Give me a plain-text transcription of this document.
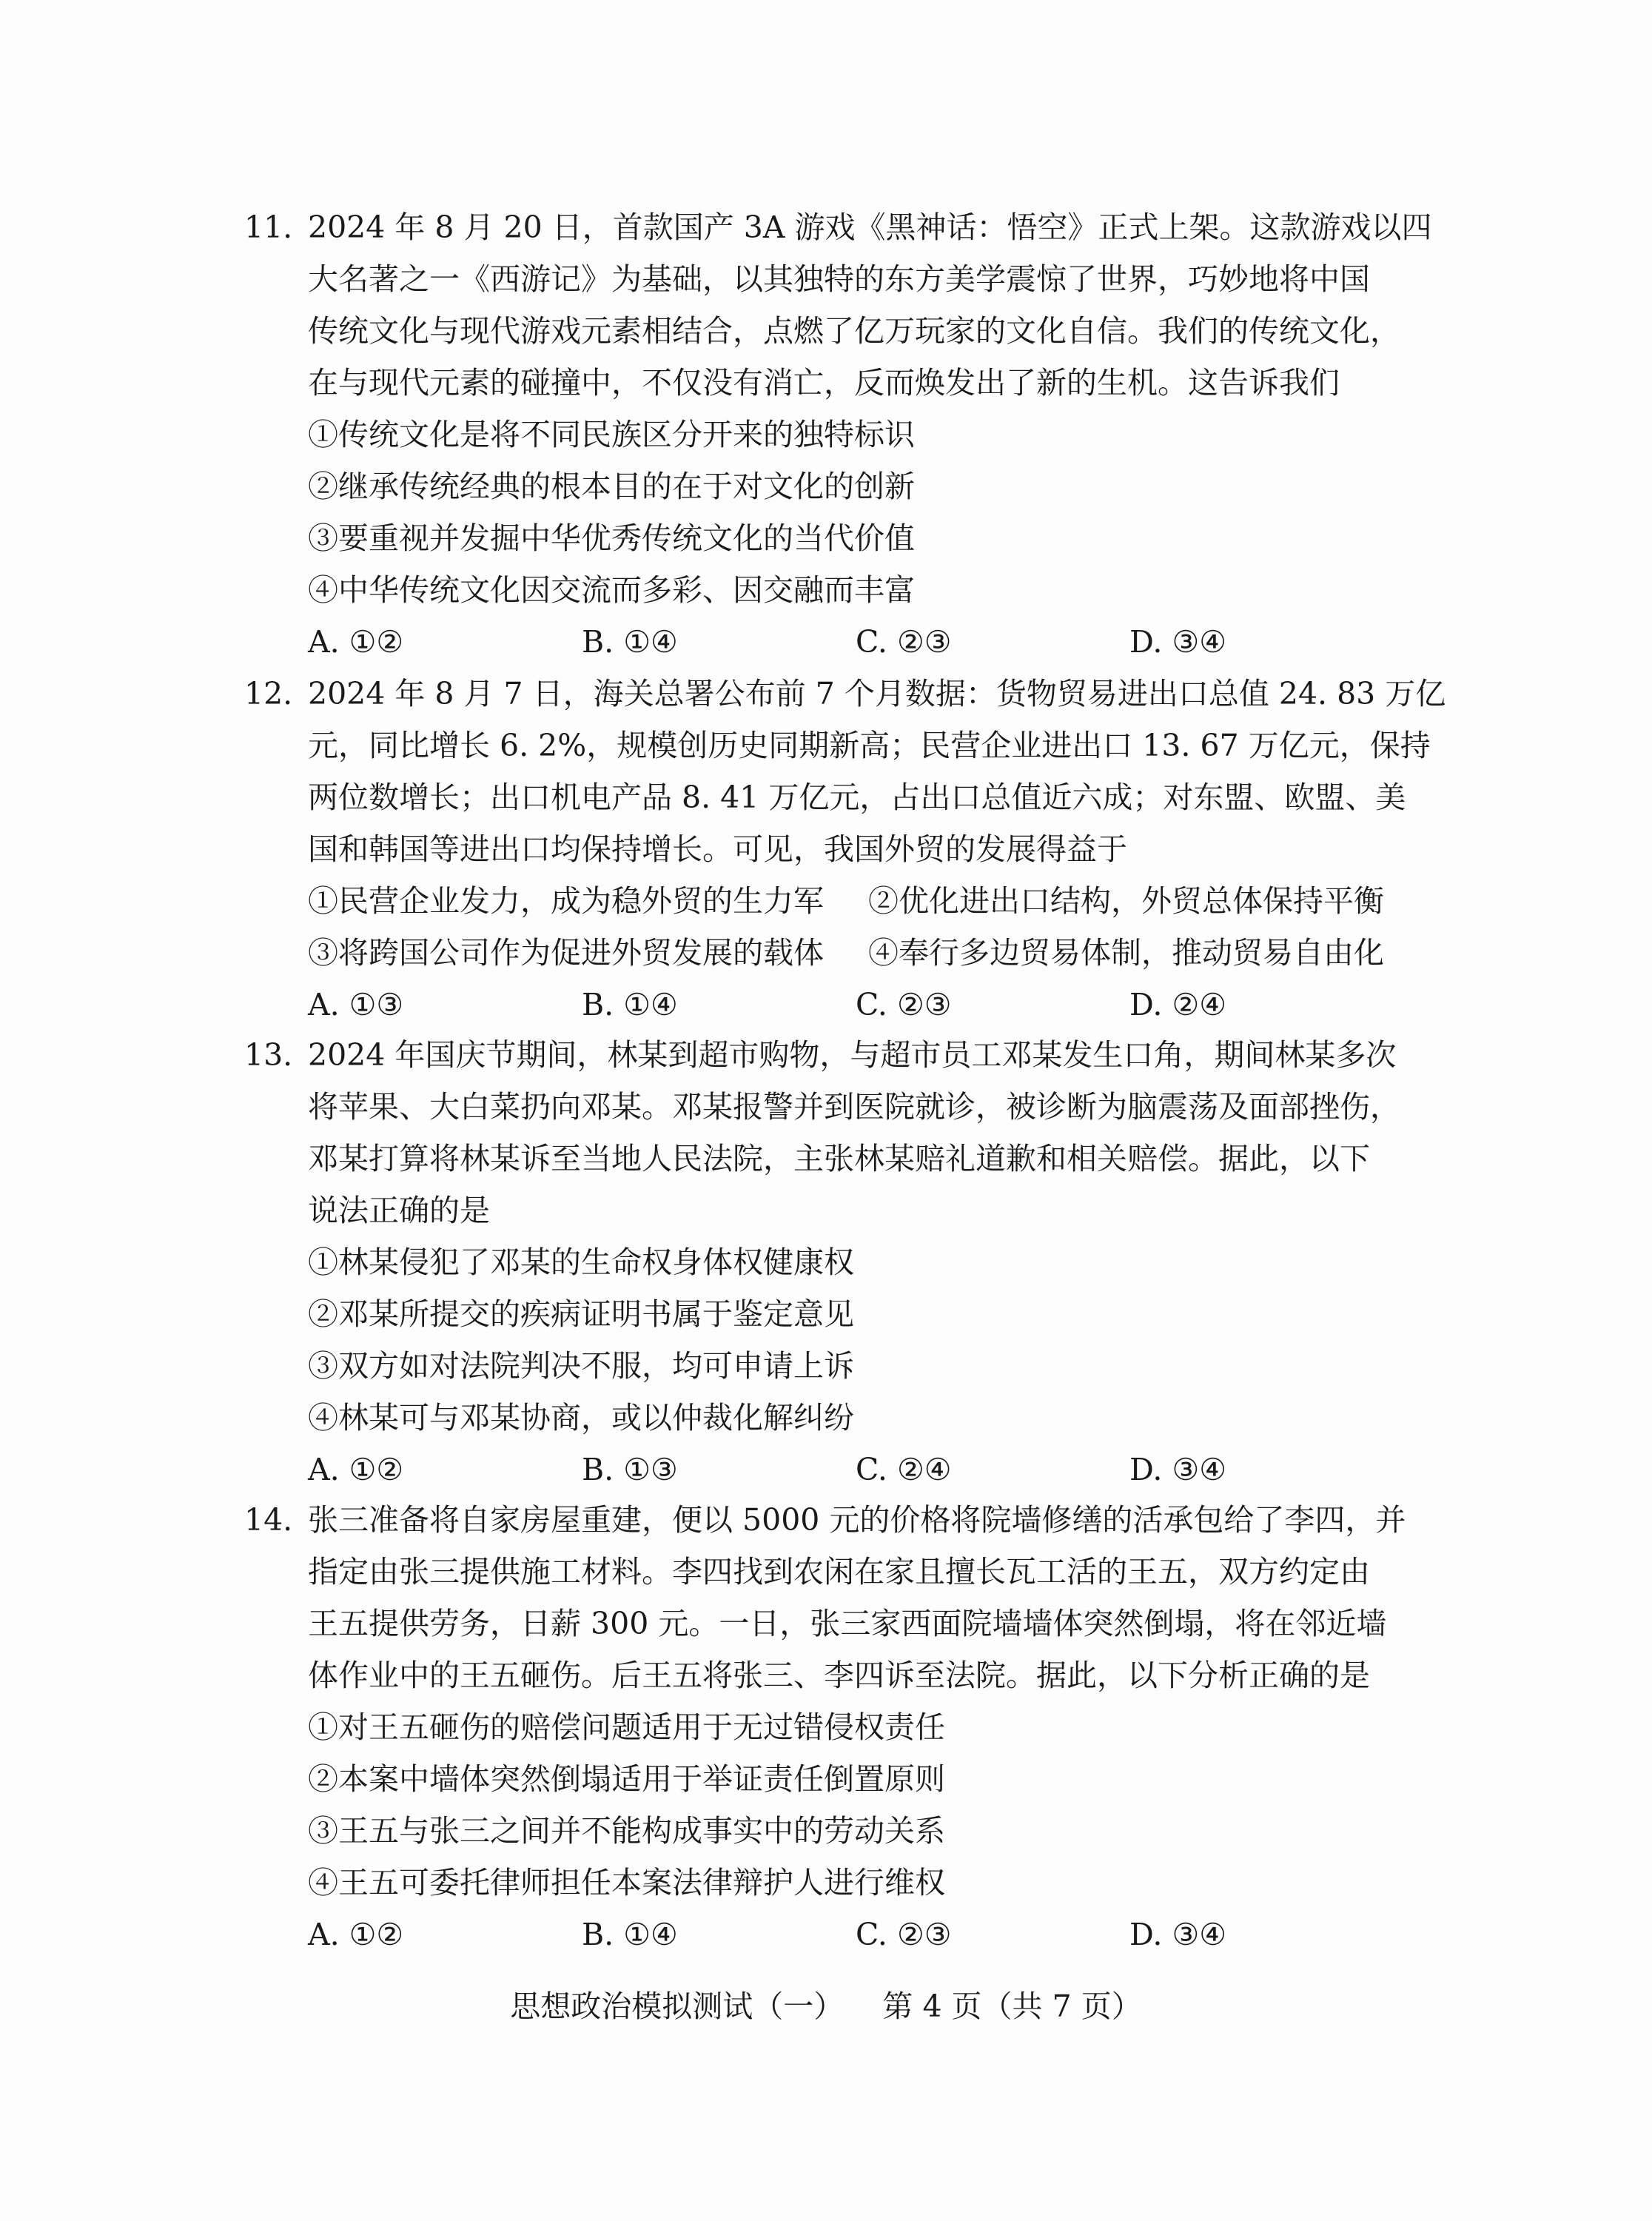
11. 2024 年 8 月 20 日，首款国产 3A 游戏《黑神话：悟空》正式上架。这款游戏以四
大名著之一《西游记》为基础，以其独特的东方美学震惊了世界，巧妙地将中国
传统文化与现代游戏元素相结合，点燃了亿万玩家的文化自信。我们的传统文化，
在与现代元素的碰撞中，不仅没有消亡，反而焕发出了新的生机。这告诉我们
①传统文化是将不同民族区分开来的独特标识
②继承传统经典的根本目的在于对文化的创新
③要重视并发掘中华优秀传统文化的当代价值
④中华传统文化因交流而多彩、因交融而丰富
A. ①②	B. ①④	C. ②③	D. ③④
12. 2024 年 8 月 7 日，海关总署公布前 7 个月数据：货物贸易进出口总值 24. 83 万亿
元，同比增长 6. 2%，规模创历史同期新高；民营企业进出口 13. 67 万亿元，保持
两位数增长；出口机电产品 8. 41 万亿元，占出口总值近六成；对东盟、欧盟、美
国和韩国等进出口均保持增长。可见，我国外贸的发展得益于
①民营企业发力，成为稳外贸的生力军	②优化进出口结构，外贸总体保持平衡
③将跨国公司作为促进外贸发展的载体	④奉行多边贸易体制，推动贸易自由化
A. ①③	B. ①④	C. ②③	D. ②④
13. 2024 年国庆节期间，林某到超市购物，与超市员工邓某发生口角，期间林某多次
将苹果、大白菜扔向邓某。邓某报警并到医院就诊，被诊断为脑震荡及面部挫伤，
邓某打算将林某诉至当地人民法院，主张林某赔礼道歉和相关赔偿。据此，以下
说法正确的是
①林某侵犯了邓某的生命权身体权健康权
②邓某所提交的疾病证明书属于鉴定意见
③双方如对法院判决不服，均可申请上诉
④林某可与邓某协商，或以仲裁化解纠纷
A. ①②	B. ①③	C. ②④	D. ③④
14. 张三准备将自家房屋重建，便以 5000 元的价格将院墙修缮的活承包给了李四，并
指定由张三提供施工材料。李四找到农闲在家且擅长瓦工活的王五，双方约定由
王五提供劳务，日薪 300 元。一日，张三家西面院墙墙体突然倒塌，将在邻近墙
体作业中的王五砸伤。后王五将张三、李四诉至法院。据此，以下分析正确的是
①对王五砸伤的赔偿问题适用于无过错侵权责任
②本案中墙体突然倒塌适用于举证责任倒置原则
③王五与张三之间并不能构成事实中的劳动关系
④王五可委托律师担任本案法律辩护人进行维权
A. ①②	B. ①④	C. ②③	D. ③④
思想政治模拟测试（一）    第 4 页（共 7 页）
